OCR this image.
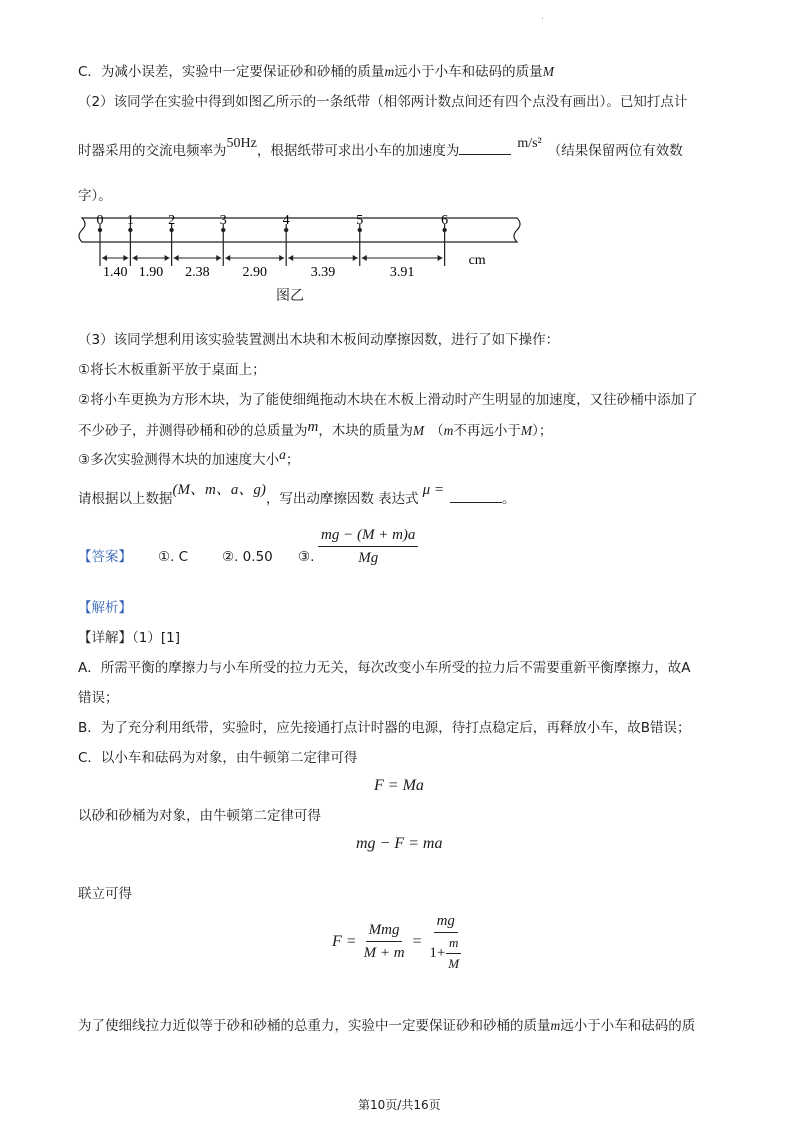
.
C．为减小误差，实验中一定要保证砂和砂桶的质量m远小于小车和砝码的质量M
（2）该同学在实验中得到如图乙所示的一条纸带（相邻两计数点间还有四个点没有画出）。已知打点计
时器采用的交流电频率为50Hz，根据纸带可求出小车的加速度为	m/s² （结果保留两位有效数
字）。
0 1 2	3	4	5	6
1.40 1.90 2.38 2.90	3.39	3.91
cm
图乙
（3）该同学想利用该实验装置测出木块和木板间动摩擦因数，进行了如下操作：
①将长木板重新平放于桌面上；
②将小车更换为方形木块，为了能使细绳拖动木块在木板上滑动时产生明显的加速度，又往砂桶中添加了
不少砂子，并测得砂桶和砂的总质量为m，木块的质量为M （m不再远小于M）；
③多次实验测得木块的加速度大小a；
请根据以上数据(M、m、a、g)，写出动摩擦因数 表达式μ =。
【答案】 ①. C	②. 0.50 ③. $\frac{mg - (M + m)a}{Mg}$
【解析】
【详解】（1）[1]
A．所需平衡的摩擦力与小车所受的拉力无关，每次改变小车所受的拉力后不需要重新平衡摩擦力，故A
错误；
B．为了充分利用纸带，实验时，应先接通打点计时器的电源，待打点稳定后，再释放小车，故B错误；
C．以小车和砝码为对象，由牛顿第二定律可得
F = Ma
以砂和砂桶为对象，由牛顿第二定律可得
mg − F = ma
联立可得
$F = \frac{\text{Mmg}}{M + m} = \frac{mg}{1+ \frac{m}{M}}$
为了使细线拉力近似等于砂和砂桶的总重力，实验中一定要保证砂和砂桶的质量m远小于小车和砝码的质
第10页/共16页
